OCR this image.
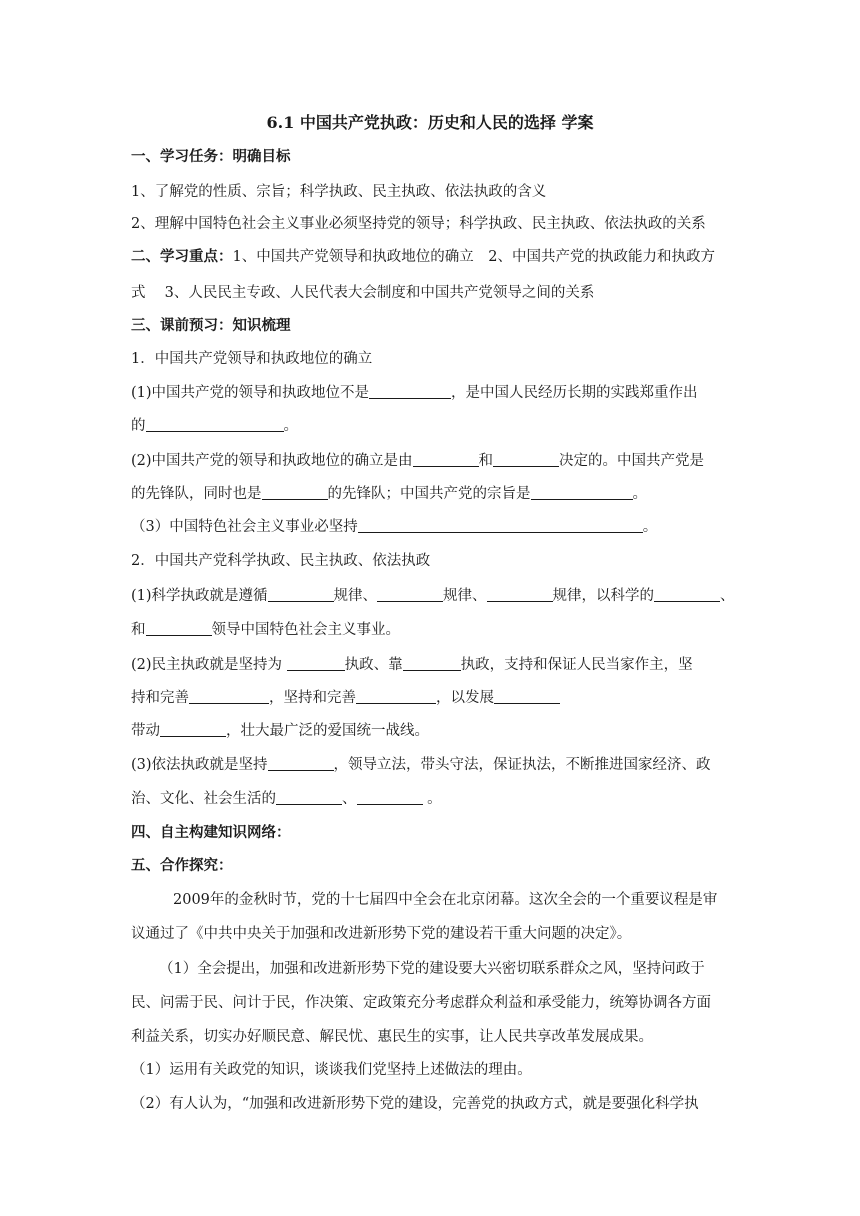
6.1 中国共产党执政：历史和人民的选择 学案
一、学习任务：明确目标
1、了解党的性质、宗旨；科学执政、民主执政、依法执政的含义
2、理解中国特色社会主义事业必须坚持党的领导；科学执政、民主执政、依法执政的关系
二、学习重点：1、中国共产党领导和执政地位的确立　2、中国共产党的执政能力和执政方
式　 3、人民民主专政、人民代表大会制度和中国共产党领导之间的关系
三、课前预习：知识梳理
1．中国共产党领导和执政地位的确立
(1)中国共产党的领导和执政地位不是	，是中国人民经历长期的实践郑重作出
的	。
(2)中国共产党的领导和执政地位的确立是由	和	决定的。中国共产党是
的先锋队，同时也是	的先锋队；中国共产党的宗旨是	。
（3）中国特色社会主义事业必坚持	。
2．中国共产党科学执政、民主执政、依法执政
(1)科学执政就是遵循	规律、	规律、	规律，以科学的	、
和	领导中国特色社会主义事业。
(2)民主执政就是坚持为	执政、靠	执政，支持和保证人民当家作主，坚
持和完善	，坚持和完善	，以发展
带动	，壮大最广泛的爱国统一战线。
(3)依法执政就是坚持	，领导立法，带头守法，保证执法，不断推进国家经济、政
治、文化、社会生活的	、	。
四、自主构建知识网络：
五、合作探究：
2009年的金秋时节，党的十七届四中全会在北京闭幕。这次全会的一个重要议程是审
议通过了《中共中央关于加强和改进新形势下党的建设若干重大问题的决定》。
（1）全会提出，加强和改进新形势下党的建设要大兴密切联系群众之风，坚持问政于
民、问需于民、问计于民，作决策、定政策充分考虑群众利益和承受能力，统筹协调各方面
利益关系，切实办好顺民意、解民忧、惠民生的实事，让人民共享改革发展成果。
（1）运用有关政党的知识，谈谈我们党坚持上述做法的理由。
（2）有人认为，“加强和改进新形势下党的建设，完善党的执政方式，就是要强化科学执
